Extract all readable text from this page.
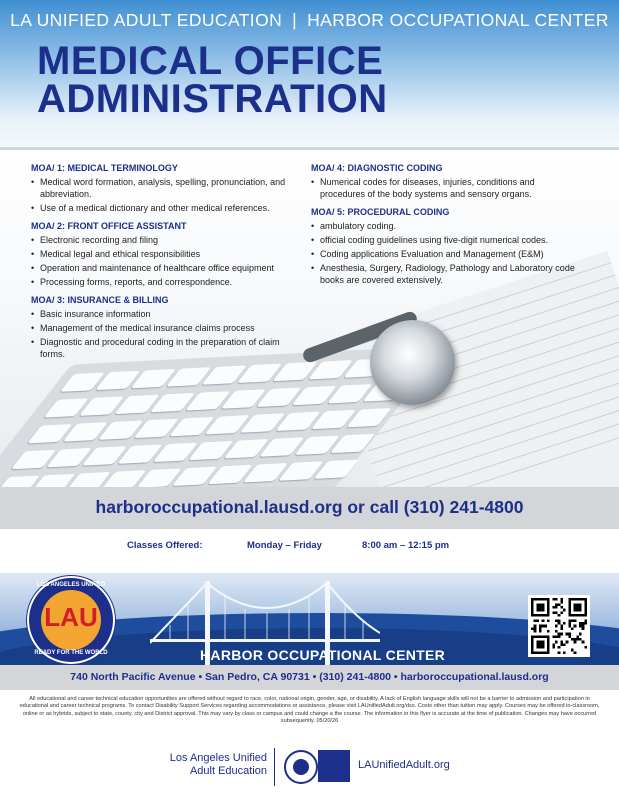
LA UNIFIED ADULT EDUCATION | HARBOR OCCUPATIONAL CENTER
MEDICAL OFFICE
ADMINISTRATION
MOA/ 1: MEDICAL TERMINOLOGY
• Medical word formation, analysis, spelling, pronunciation, and abbreviation.
• Use of a medical dictionary and other medical references.
MOA/ 2: FRONT OFFICE ASSISTANT
• Electronic recording and filing
• Medical legal and ethical responsibilities
• Operation and maintenance of healthcare office equipment
• Processing forms, reports, and correspondence.
MOA/ 3: INSURANCE & BILLING
• Basic insurance information
• Management of the medical insurance claims process
• Diagnostic and procedural coding in the preparation of claim forms.
MOA/ 4: DIAGNOSTIC CODING
• Numerical codes for diseases, injuries, conditions and procedures of the body systems and sensory organs.
MOA/ 5: PROCEDURAL CODING
• ambulatory coding.
• official coding guidelines using five-digit numerical codes.
• Coding applications Evaluation and Management (E&M)
• Anesthesia, Surgery, Radiology, Pathology and Laboratory code books are covered extensively.
harboroccupational.lausd.org or call (310) 241-4800
Classes Offered:	Monday – Friday	8:00 am – 12:15 pm
HARBOR OCCUPATIONAL CENTER
LOS ANGELES UNIFIED
LAU
READY FOR THE WORLD
740 North Pacific Avenue • San Pedro, CA 90731 • (310) 241-4800 • harboroccupational.lausd.org
All educational and career technical education opportunities are offered without regard to race, color, national origin, gender, age, or disability. A lack of English language skills will not be a barrier to admission and participation in educational and career technical programs. To contact Disability Support Services regarding accommodations or assistance, please visit LAUnifiedAdult.org/dss. Costs other than tuition may apply. Courses may be offered in-classroom, online or as hybrids, subject to state, county, city and District approval. This may vary by class or campus and could change a the course. The information in this flyer is accurate at the time of publication. Changes may have occurred subsequently. 05/20/26
Los Angeles Unified
Adult Education	LAUnifiedAdult.org
